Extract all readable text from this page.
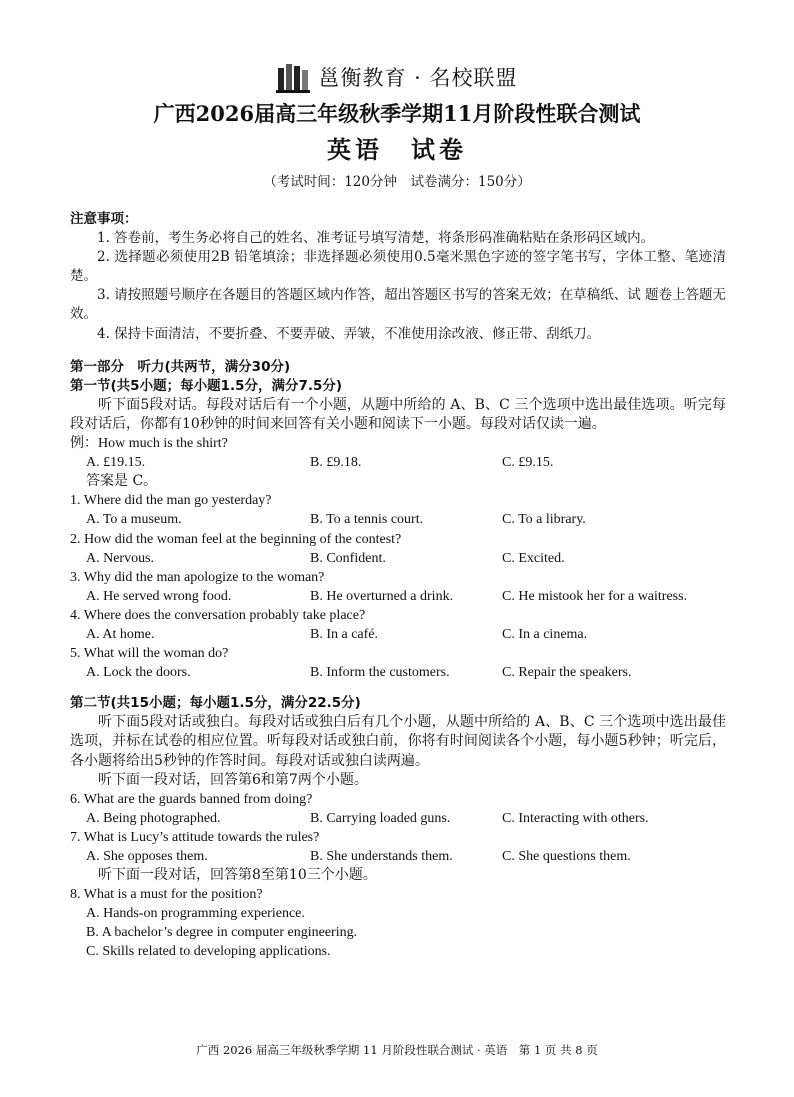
邕衡教育 · 名校联盟
广西2026届高三年级秋季学期11月阶段性联合测试
英语 试卷
（考试时间：120分钟　试卷满分：150分）
注意事项：

1. 答卷前，考生务必将自己的姓名、准考证号填写清楚，将条形码准确粘贴在条形码区域内。

2. 选择题必须使用2B 铅笔填涂；非选择题必须使用0.5毫米黑色字迹的签字笔书写，字体工整、笔迹清楚。

3. 请按照题号顺序在各题目的答题区域内作答，超出答题区书写的答案无效；在草稿纸、试 题卷上答题无效。

4. 保持卡面清洁，不要折叠、不要弄破、弄皱，不准使用涂改液、修正带、刮纸刀。

第一部分　听力(共两节，满分30分)
第一节(共5小题；每小题1.5分，满分7.5分)
听下面5段对话。每段对话后有一个小题，从题中所给的 A、B、C 三个选项中选出最佳选项。听完每段对话后，你都有10秒钟的时间来回答有关小题和阅读下一小题。每段对话仅读一遍。
例：How much is the shirt?
A. £19.15.	B. £9.18.	C. £9.15.
答案是 C。
1. Where did the man go yesterday?
A. To a museum.	B. To a tennis court.	C. To a library.
2. How did the woman feel at the beginning of the contest?
A. Nervous.	B. Confident.	C. Excited.
3. Why did the man apologize to the woman?
A. He served wrong food.	B. He overturned a drink.	C. He mistook her for a waitress.
4. Where does the conversation probably take place?
A. At home.	B. In a café.	C. In a cinema.
5. What will the woman do?
A. Lock the doors.	B. Inform the customers.	C. Repair the speakers.
第二节(共15小题；每小题1.5分，满分22.5分)
听下面5段对话或独白。每段对话或独白后有几个小题，从题中所给的 A、B、C 三个选项中选出最佳选项，并标在试卷的相应位置。听每段对话或独白前，你将有时间阅读各个小题，每小题5秒钟；听完后，各小题将给出5秒钟的作答时间。每段对话或独白读两遍。
听下面一段对话，回答第6和第7两个小题。
6. What are the guards banned from doing?
A. Being photographed.	B. Carrying loaded guns.	C. Interacting with others.
7. What is Lucy’s attitude towards the rules?
A. She opposes them.	B. She understands them.	C. She questions them.
听下面一段对话，回答第8至第10三个小题。
8. What is a must for the position?
A. Hands-on programming experience.
B. A bachelor’s degree in computer engineering.
C. Skills related to developing applications.
广西 2026 届高三年级秋季学期 11 月阶段性联合测试 · 英语　第 1 页 共 8 页
